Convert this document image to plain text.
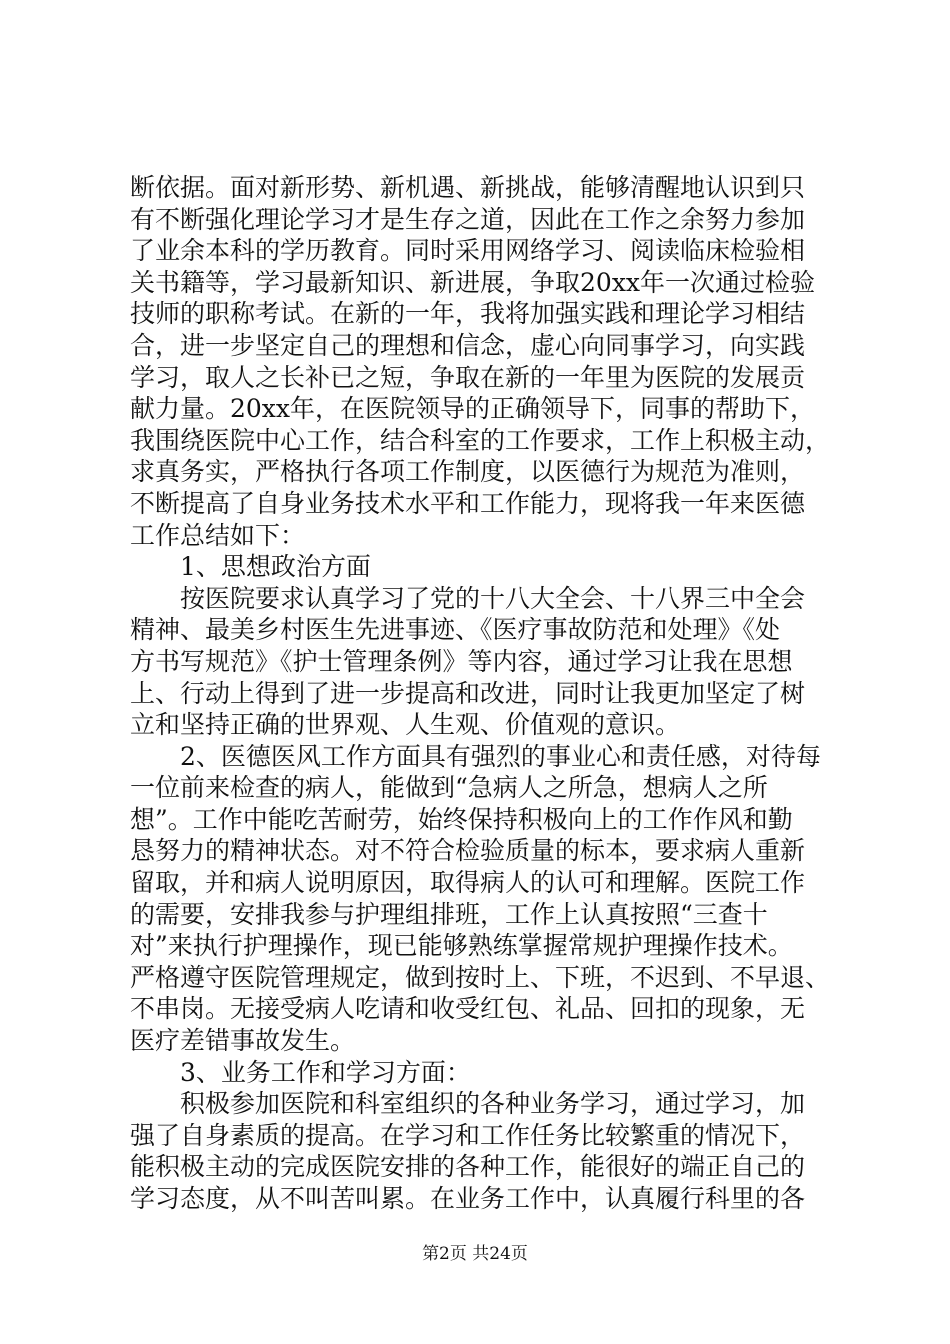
断依据。面对新形势、新机遇、新挑战，能够清醒地认识到只
有不断强化理论学习才是生存之道，因此在工作之余努力参加
了业余本科的学历教育。同时采用网络学习、阅读临床检验相
关书籍等，学习最新知识、新进展，争取20xx年一次通过检验
技师的职称考试。在新的一年，我将加强实践和理论学习相结
合，进一步坚定自己的理想和信念，虚心向同事学习，向实践
学习，取人之长补已之短，争取在新的一年里为医院的发展贡
献力量。20xx年，在医院领导的正确领导下，同事的帮助下，
我围绕医院中心工作，结合科室的工作要求，工作上积极主动，
求真务实，严格执行各项工作制度，以医德行为规范为准则，
不断提高了自身业务技术水平和工作能力，现将我一年来医德
工作总结如下：
1、思想政治方面
按医院要求认真学习了党的十八大全会、十八界三中全会
精神、最美乡村医生先进事迹、《医疗事故防范和处理》《处
方书写规范》《护士管理条例》等内容，通过学习让我在思想
上、行动上得到了进一步提高和改进，同时让我更加坚定了树
立和坚持正确的世界观、人生观、价值观的意识。
2、医德医风工作方面具有强烈的事业心和责任感，对待每
一位前来检查的病人，能做到“急病人之所急，想病人之所
想”。工作中能吃苦耐劳，始终保持积极向上的工作作风和勤
恳努力的精神状态。对不符合检验质量的标本，要求病人重新
留取，并和病人说明原因，取得病人的认可和理解。医院工作
的需要，安排我参与护理组排班，工作上认真按照“三查十
对”来执行护理操作，现已能够熟练掌握常规护理操作技术。
严格遵守医院管理规定，做到按时上、下班，不迟到、不早退、
不串岗。无接受病人吃请和收受红包、礼品、回扣的现象，无
医疗差错事故发生。
3、业务工作和学习方面：
积极参加医院和科室组织的各种业务学习，通过学习，加
强了自身素质的提高。在学习和工作任务比较繁重的情况下，
能积极主动的完成医院安排的各种工作，能很好的端正自己的
学习态度，从不叫苦叫累。在业务工作中，认真履行科里的各
第2页 共24页
